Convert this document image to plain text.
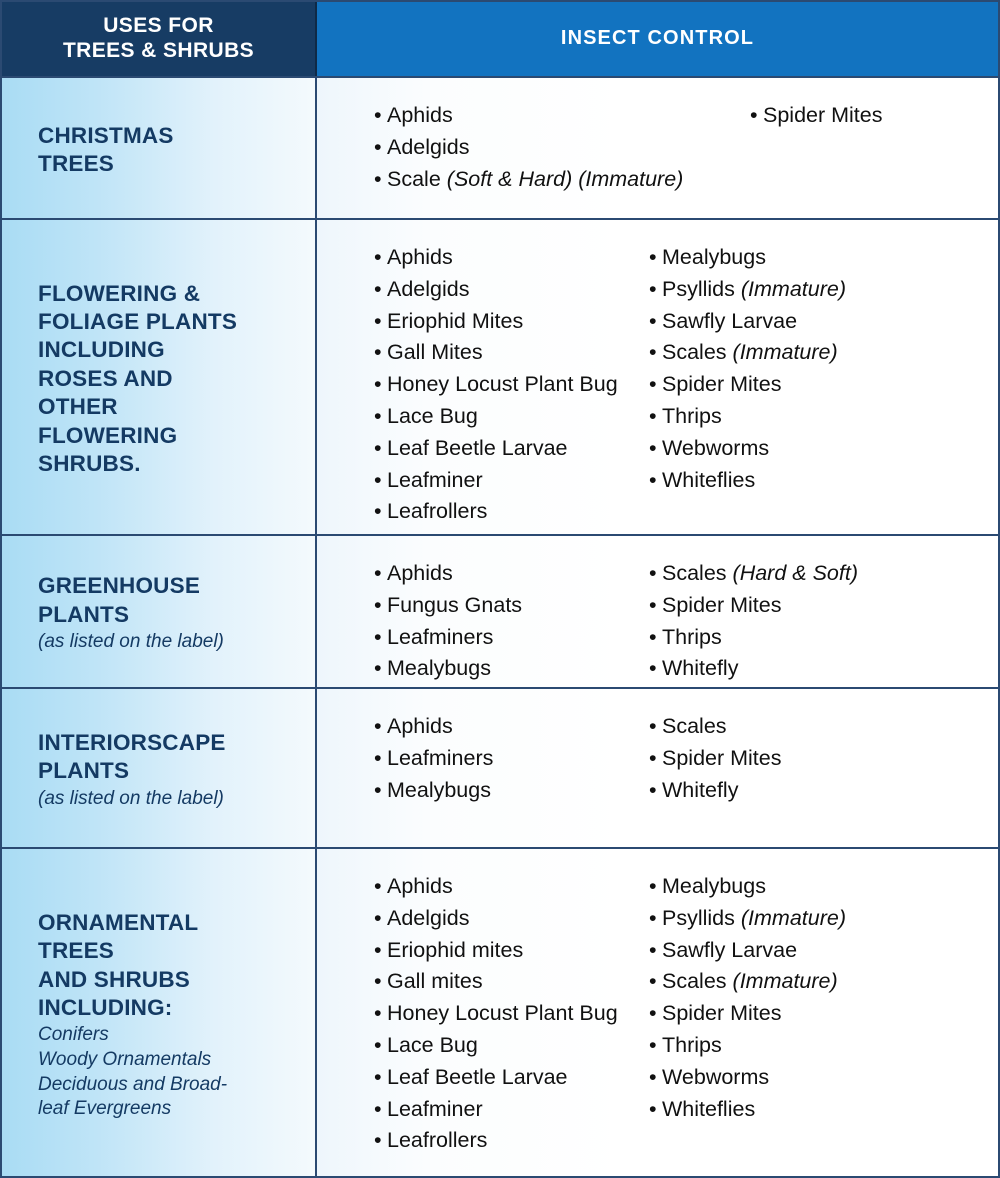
USES FOR
TREES & SHRUBS
INSECT CONTROL
CHRISTMAS
TREES
• Aphids
• Adelgids
• Scale (Soft & Hard) (Immature)
• Spider Mites
FLOWERING &
FOLIAGE PLANTS
INCLUDING
ROSES AND
OTHER
FLOWERING
SHRUBS.
• Aphids
• Adelgids
• Eriophid Mites
• Gall Mites
• Honey Locust Plant Bug
• Lace Bug
• Leaf Beetle Larvae
• Leafminer
• Leafrollers
• Mealybugs
• Psyllids (Immature)
• Sawfly Larvae
• Scales (Immature)
• Spider Mites
• Thrips
• Webworms
• Whiteflies
GREENHOUSE
PLANTS
(as listed on the label)
• Aphids
• Fungus Gnats
• Leafminers
• Mealybugs
• Scales (Hard & Soft)
• Spider Mites
• Thrips
• Whitefly
INTERIORSCAPE
PLANTS
(as listed on the label)
• Aphids
• Leafminers
• Mealybugs
• Scales
• Spider Mites
• Whitefly
ORNAMENTAL
TREES
AND SHRUBS
INCLUDING:
Conifers
Woody Ornamentals
Deciduous and Broad-
leaf Evergreens
• Aphids
• Adelgids
• Eriophid mites
• Gall mites
• Honey Locust Plant Bug
• Lace Bug
• Leaf Beetle Larvae
• Leafminer
• Leafrollers
• Mealybugs
• Psyllids (Immature)
• Sawfly Larvae
• Scales (Immature)
• Spider Mites
• Thrips
• Webworms
• Whiteflies
